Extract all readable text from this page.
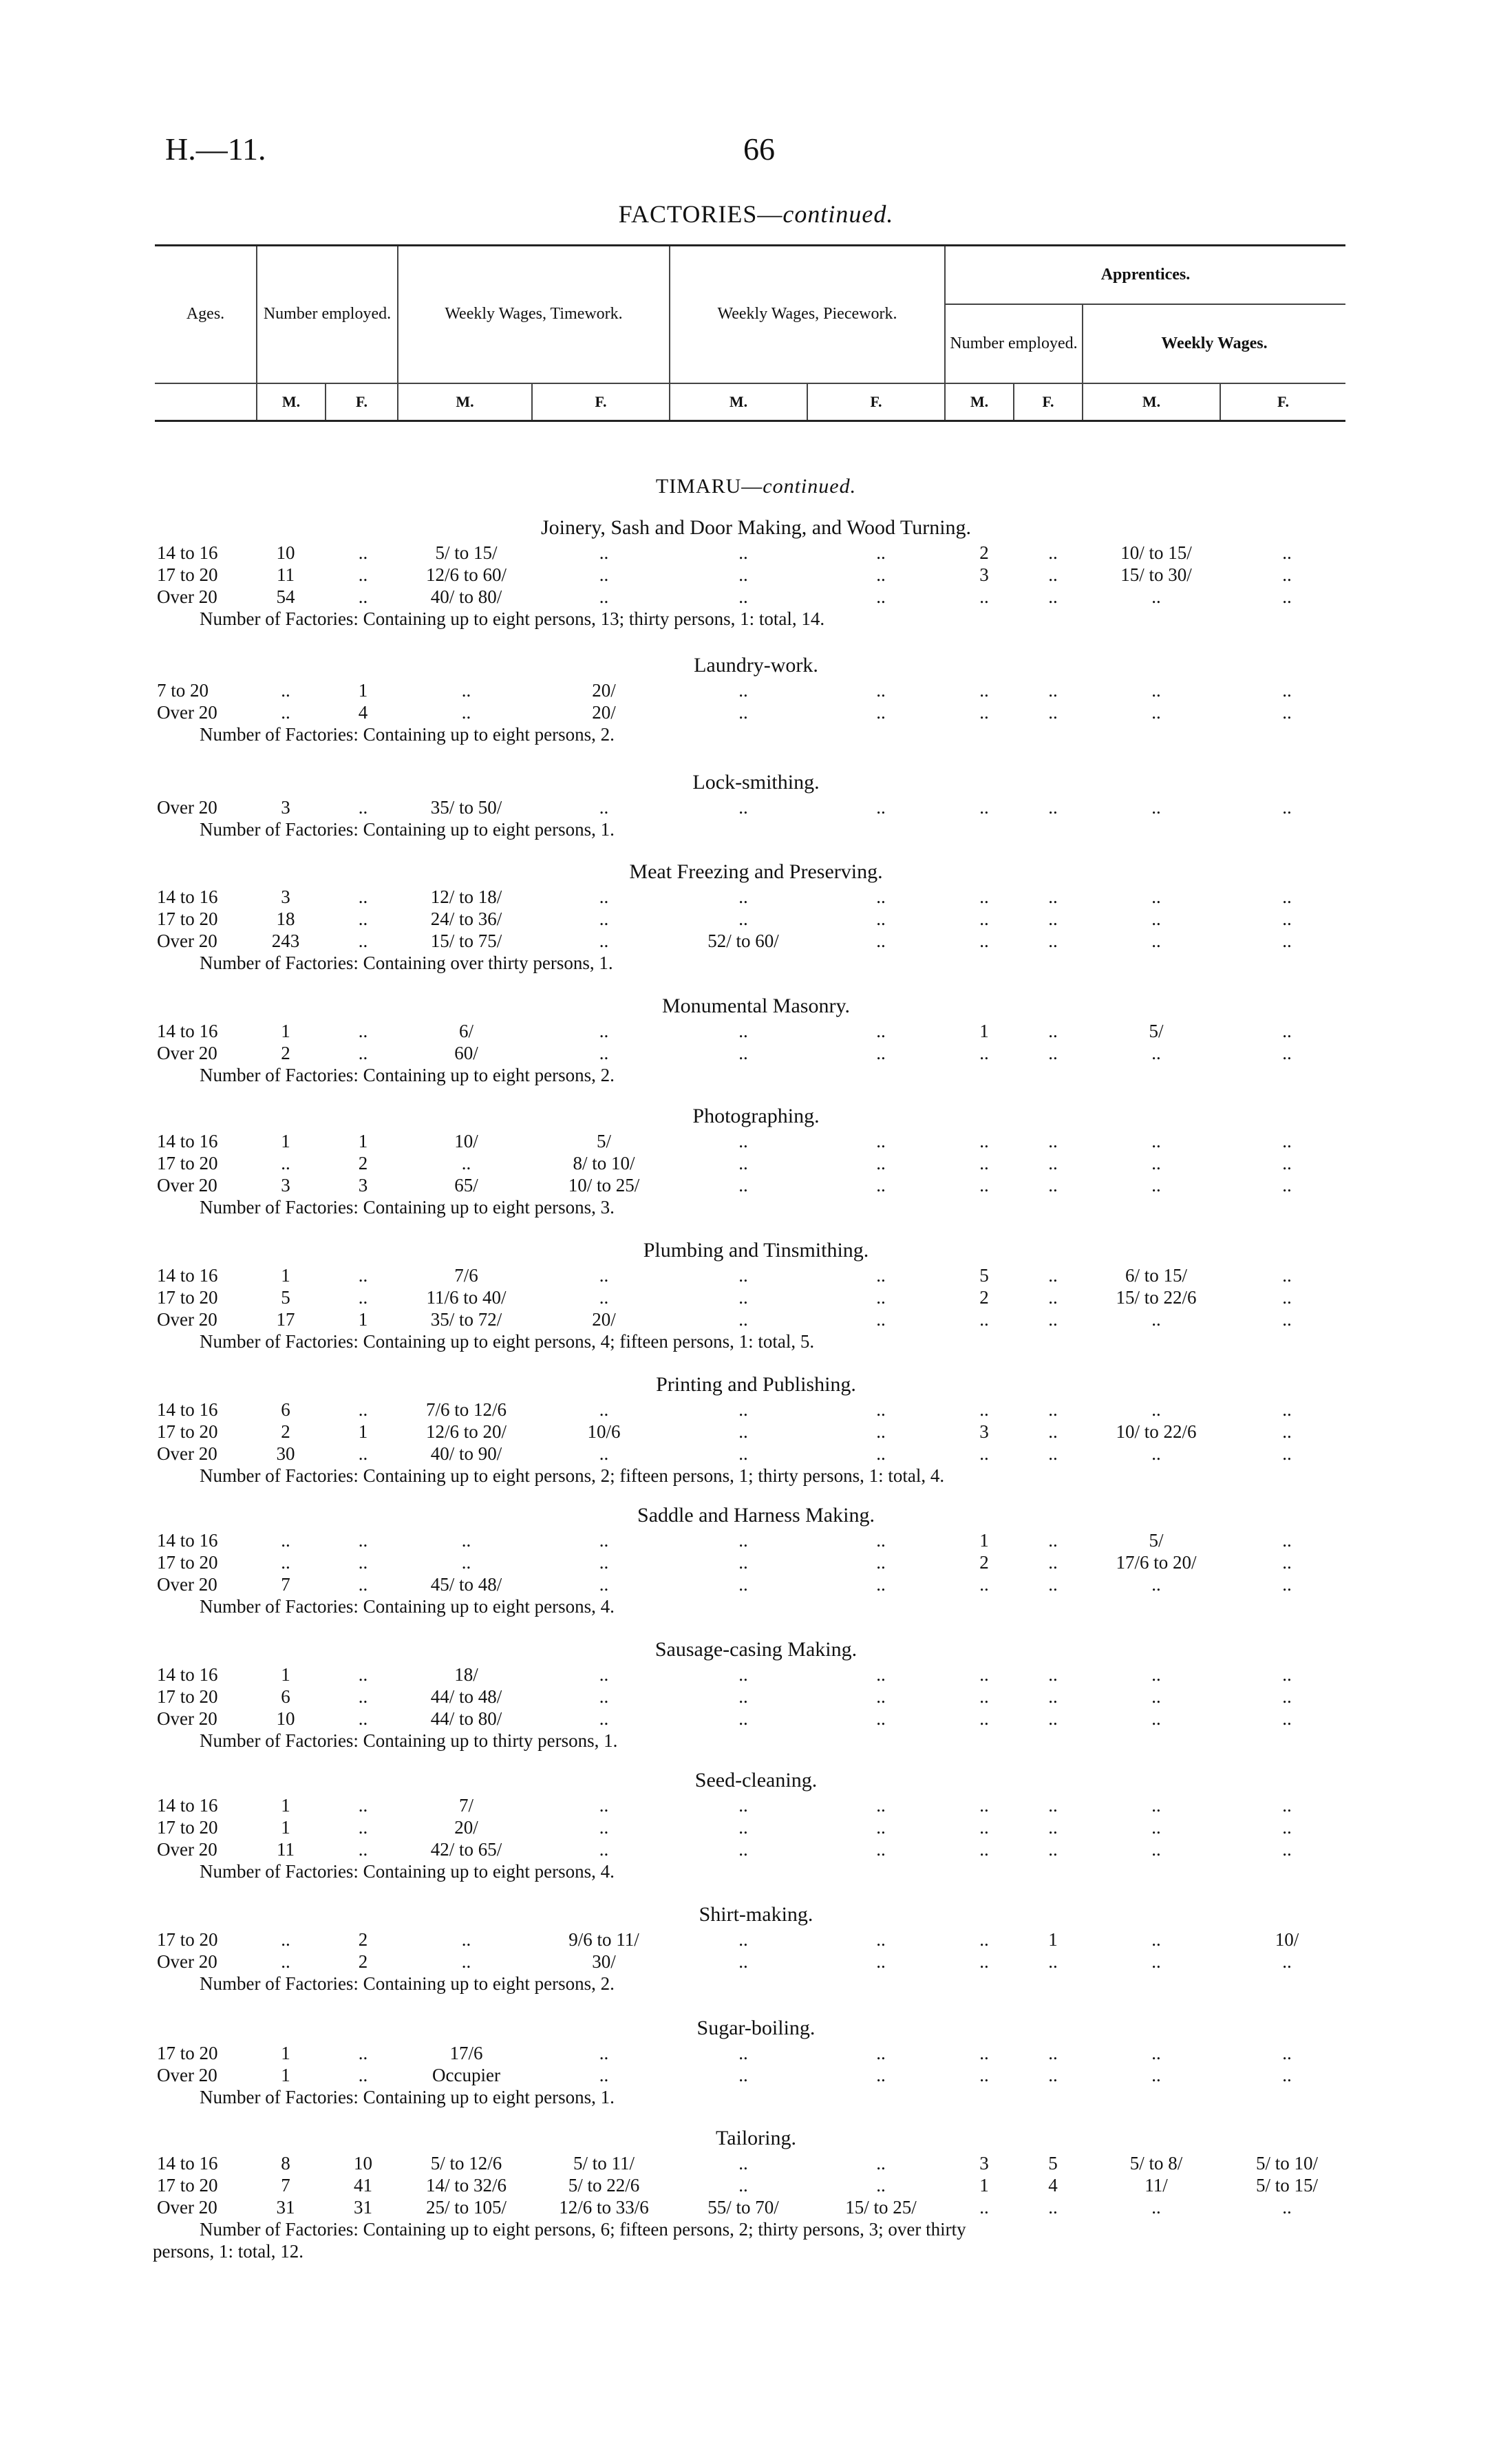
H.—11.	66
FACTORIES—continued.
Ages.	Number employed.		Weekly Wages, Timework.		Weekly Wages, Piecework.		Apprentices.			
							Number employed.		Weekly Wages.	
	M.	F.	M.	F.	M.	F.	M.	F.	M.	F.
TIMARU—continued.
Joinery, Sash and Door Making, and Wood Turning.
14 to 16	10	..	5/ to 15/	..	..	..	2	..	10/ to 15/	..
17 to 20	11	..	12/6 to 60/	..	..	..	3	..	15/ to 30/	..
Over 20	54	..	40/ to 80/	..	..	..	..	..	..	..
Number of Factories: Containing up to eight persons, 13; thirty persons, 1: total, 14.
Laundry-work.
7 to 20	..	1	..	20/	..	..	..	..	..	..
Over 20	..	4	..	20/	..	..	..	..	..	..
Number of Factories: Containing up to eight persons, 2.
Lock-smithing.
Over 20	3	..	35/ to 50/	..	..	..	..	..	..	..
Number of Factories: Containing up to eight persons, 1.
Meat Freezing and Preserving.
14 to 16	3	..	12/ to 18/	..	..	..	..	..	..	..
17 to 20	18	..	24/ to 36/	..	..	..	..	..	..	..
Over 20	243	..	15/ to 75/	..	52/ to 60/	..	..	..	..	..
Number of Factories: Containing over thirty persons, 1.
Monumental Masonry.
14 to 16	1	..	6/	..	..	..	1	..	5/	..
Over 20	2	..	60/	..	..	..	..	..	..	..
Number of Factories: Containing up to eight persons, 2.
Photographing.
14 to 16	1	1	10/	5/	..	..	..	..	..	..
17 to 20	..	2	..	8/ to 10/	..	..	..	..	..	..
Over 20	3	3	65/	10/ to 25/	..	..	..	..	..	..
Number of Factories: Containing up to eight persons, 3.
Plumbing and Tinsmithing.
14 to 16	1	..	7/6	..	..	..	5	..	6/ to 15/	..
17 to 20	5	..	11/6 to 40/	..	..	..	2	..	15/ to 22/6	..
Over 20	17	1	35/ to 72/	20/	..	..	..	..	..	..
Number of Factories: Containing up to eight persons, 4; fifteen persons, 1: total, 5.
Printing and Publishing.
14 to 16	6	..	7/6 to 12/6	..	..	..	..	..	..	..
17 to 20	2	1	12/6 to 20/	10/6	..	..	3	..	10/ to 22/6	..
Over 20	30	..	40/ to 90/	..	..	..	..	..	..	..
Number of Factories: Containing up to eight persons, 2; fifteen persons, 1; thirty persons, 1: total, 4.
Saddle and Harness Making.
14 to 16	..	..	..	..	..	..	1	..	5/	..
17 to 20	..	..	..	..	..	..	2	..	17/6 to 20/	..
Over 20	7	..	45/ to 48/	..	..	..	..	..	..	..
Number of Factories: Containing up to eight persons, 4.
Sausage-casing Making.
14 to 16	1	..	18/	..	..	..	..	..	..	..
17 to 20	6	..	44/ to 48/	..	..	..	..	..	..	..
Over 20	10	..	44/ to 80/	..	..	..	..	..	..	..
Number of Factories: Containing up to thirty persons, 1.
Seed-cleaning.
14 to 16	1	..	7/	..	..	..	..	..	..	..
17 to 20	1	..	20/	..	..	..	..	..	..	..
Over 20	11	..	42/ to 65/	..	..	..	..	..	..	..
Number of Factories: Containing up to eight persons, 4.
Shirt-making.
17 to 20	..	2	..	9/6 to 11/	..	..	..	1	..	10/
Over 20	..	2	..	30/	..	..	..	..	..	..
Number of Factories: Containing up to eight persons, 2.
Sugar-boiling.
17 to 20	1	..	17/6	..	..	..	..	..	..	..
Over 20	1	..	Occupier	..	..	..	..	..	..	..
Number of Factories: Containing up to eight persons, 1.
Tailoring.
14 to 16	8	10	5/ to 12/6	5/ to 11/	..	..	3	5	5/ to 8/	5/ to 10/
17 to 20	7	41	14/ to 32/6	5/ to 22/6	..	..	1	4	11/	5/ to 15/
Over 20	31	31	25/ to 105/	12/6 to 33/6	55/ to 70/	15/ to 25/	..	..	..	..
Number of Factories: Containing up to eight persons, 6; fifteen persons, 2; thirty persons, 3; over thirty
persons, 1: total, 12.
